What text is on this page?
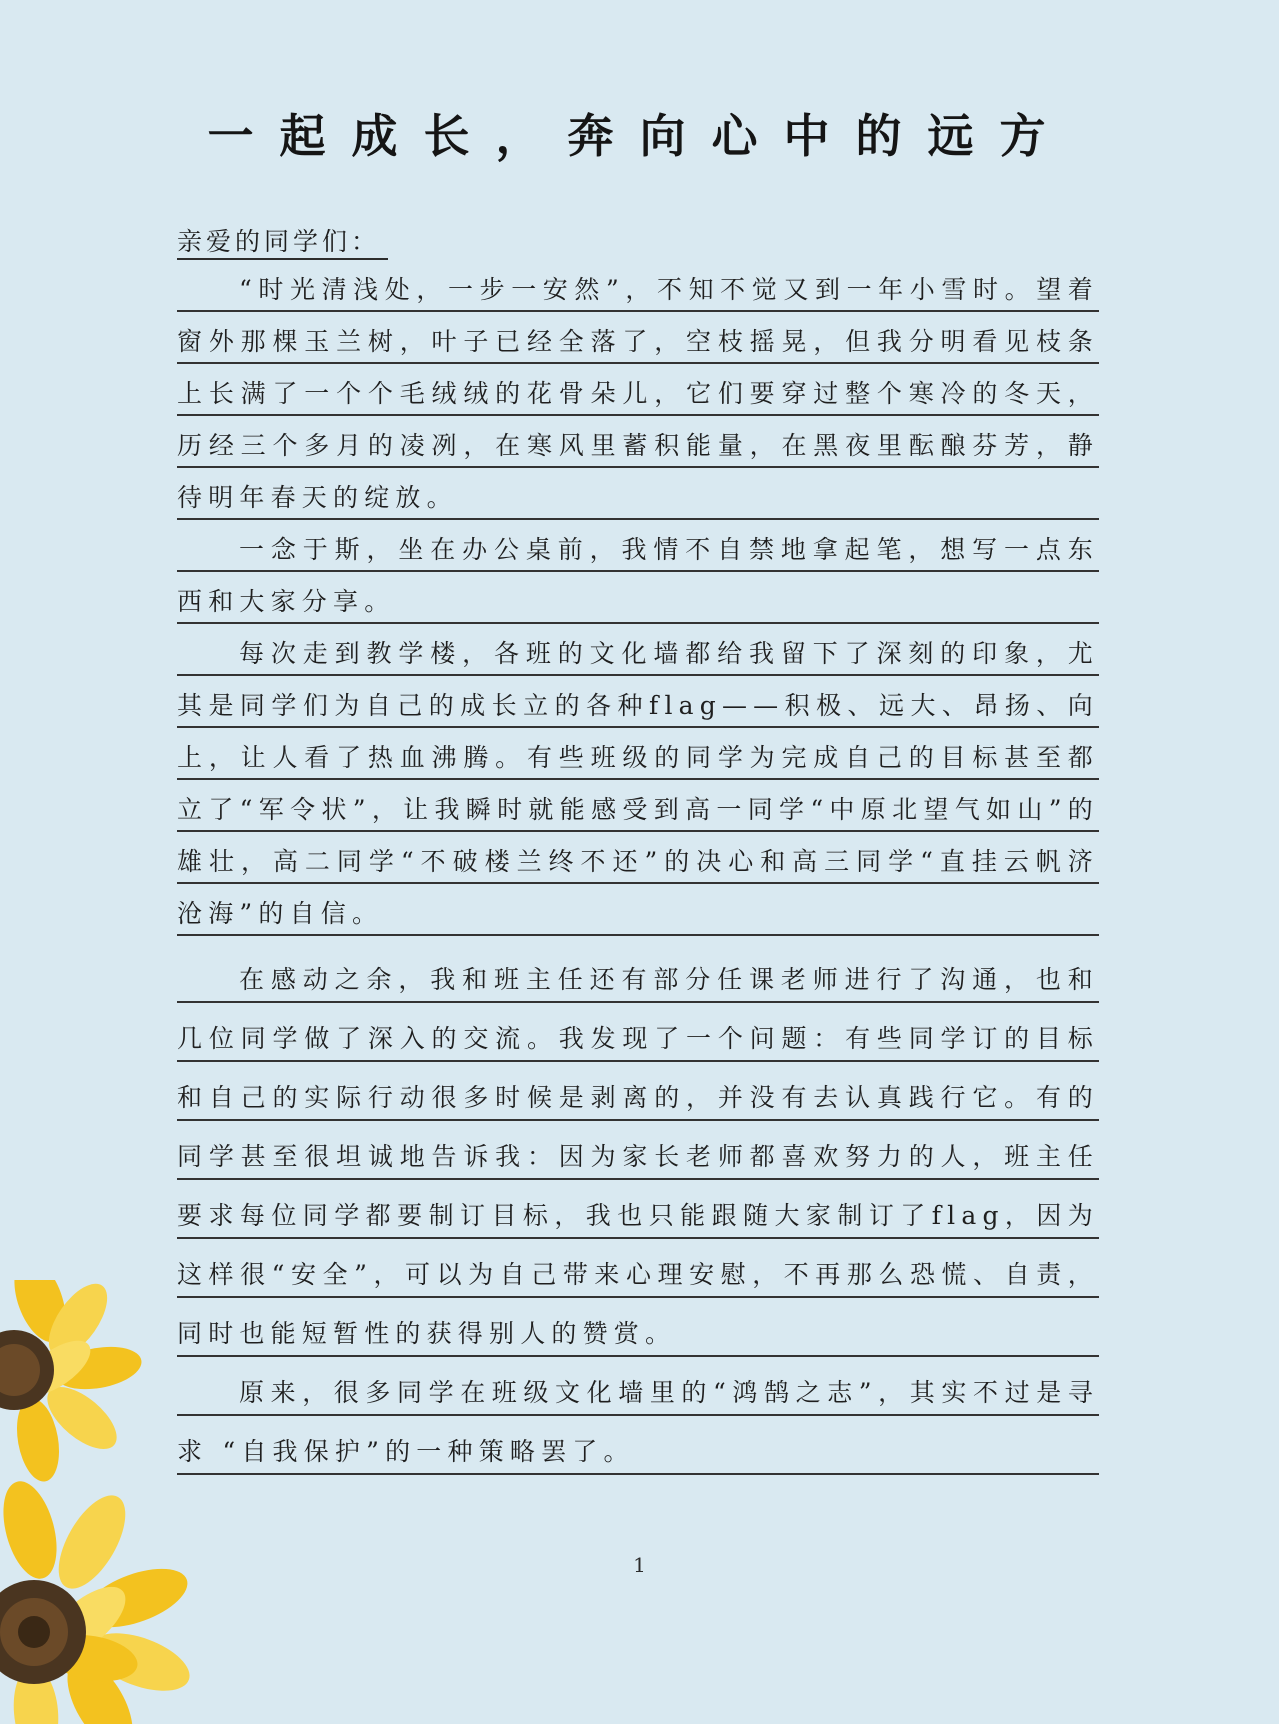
一起成长，奔向心中的远方
亲爱的同学们：

“时光清浅处，一步一安然”，不知不觉又到一年小雪时。望着窗外那棵玉兰树，叶子已经全落了，空枝摇晃，但我分明看见枝条上长满了一个个毛绒绒的花骨朵儿，它们要穿过整个寒冷的冬天，历经三个多月的凌冽，在寒风里蓄积能量，在黑夜里酝酿芬芳，静待明年春天的绽放。

一念于斯，坐在办公桌前，我情不自禁地拿起笔，想写一点东西和大家分享。

每次走到教学楼，各班的文化墙都给我留下了深刻的印象，尤其是同学们为自己的成长立的各种flag——积极、远大、昂扬、向上，让人看了热血沸腾。有些班级的同学为完成自己的目标甚至都立了“军令状”，让我瞬时就能感受到高一同学“中原北望气如山”的雄壮，高二同学“不破楼兰终不还”的决心和高三同学“直挂云帆济沧海”的自信。

在感动之余，我和班主任还有部分任课老师进行了沟通，也和几位同学做了深入的交流。我发现了一个问题：有些同学订的目标和自己的实际行动很多时候是剥离的，并没有去认真践行它。有的同学甚至很坦诚地告诉我：因为家长老师都喜欢努力的人，班主任要求每位同学都要制订目标，我也只能跟随大家制订了flag，因为这样很“安全”，可以为自己带来心理安慰，不再那么恐慌、自责，同时也能短暂性的获得别人的赞赏。

原来，很多同学在班级文化墙里的“鸿鹄之志”，其实不过是寻求 “自我保护”的一种策略罢了。

1
